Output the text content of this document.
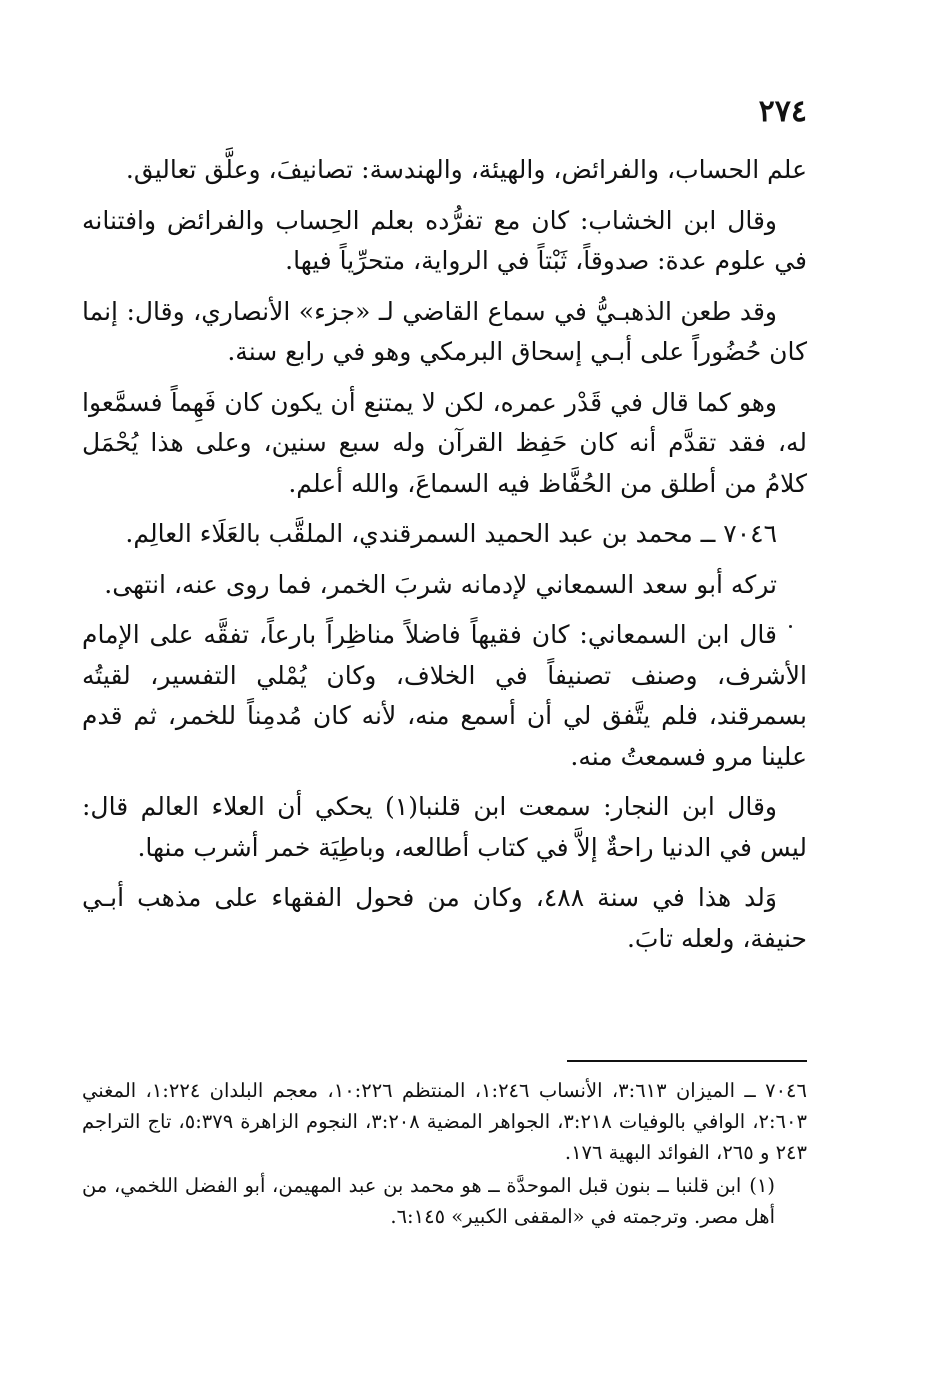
٢٧٤

علم الحساب، والفرائض، والهيئة، والهندسة: تصانيفَ، وعلَّق تعاليق.

وقال ابن الخشاب: كان مع تفرُّده بعلم الحِساب والفرائض وافتنانه في علوم عدة: صدوقاً، ثَبْتاً في الرواية، متحرِّياً فيها.

وقد طعن الذهبـيُّ في سماع القاضي لـ «جزء» الأنصاري، وقال: إنما كان حُضُوراً على أبـي إسحاق البرمكي وهو في رابع سنة.

وهو كما قال في قَدْر عمره، لكن لا يمتنع أن يكون كان فَهِماً فسمَّعوا له، فقد تقدَّم أنه كان حَفِظ القرآن وله سبع سنين، وعلى هذا يُحْمَل كلامُ من أطلق من الحُفَّاظ فيه السماعَ، والله أعلم.

٧٠٤٦ ــ محمد بن عبد الحميد السمرقندي، الملقَّب بالعَلَاء العالِم.

تركه أبو سعد السمعاني لإدمانه شربَ الخمر، فما روى عنه، انتهى.

قال ابن السمعاني: كان فقيهاً فاضلاً مناظِراً بارعاً، تفقَّه على الإمام الأشرف، وصنف تصنيفاً في الخلاف، وكان يُمْلي التفسير، لقيتُه بسمرقند، فلم يتَّفق لي أن أسمع منه، لأنه كان مُدمِناً للخمر، ثم قدم علينا مرو فسمعتُ منه.

وقال ابن النجار: سمعت ابن قلنبا(١) يحكي أن العلاء العالم قال: ليس في الدنيا راحةٌ إلاَّ في كتاب أطالعه، وباطِيَة خمر أشرب منها.

وَلد هذا في سنة ٤٨٨، وكان من فحول الفقهاء على مذهب أبـي حنيفة، ولعله تابَ.

٧٠٤٦ ــ الميزان ٣:٦١٣، الأنساب ١:٢٤٦، المنتظم ١٠:٢٢٦، معجم البلدان ١:٢٢٤، المغني ٢:٦٠٣، الوافي بالوفيات ٣:٢١٨، الجواهر المضية ٣:٢٠٨، النجوم الزاهرة ٥:٣٧٩، تاج التراجم ٢٤٣ و ٢٦٥، الفوائد البهية ١٧٦.

(١)ابن قلنبا ــ بنون قبل الموحدَّة ــ هو محمد بن عبد المهيمن، أبو الفضل اللخمي، من أهل مصر. وترجمته في «المقفى الكبير» ٦:١٤٥.
